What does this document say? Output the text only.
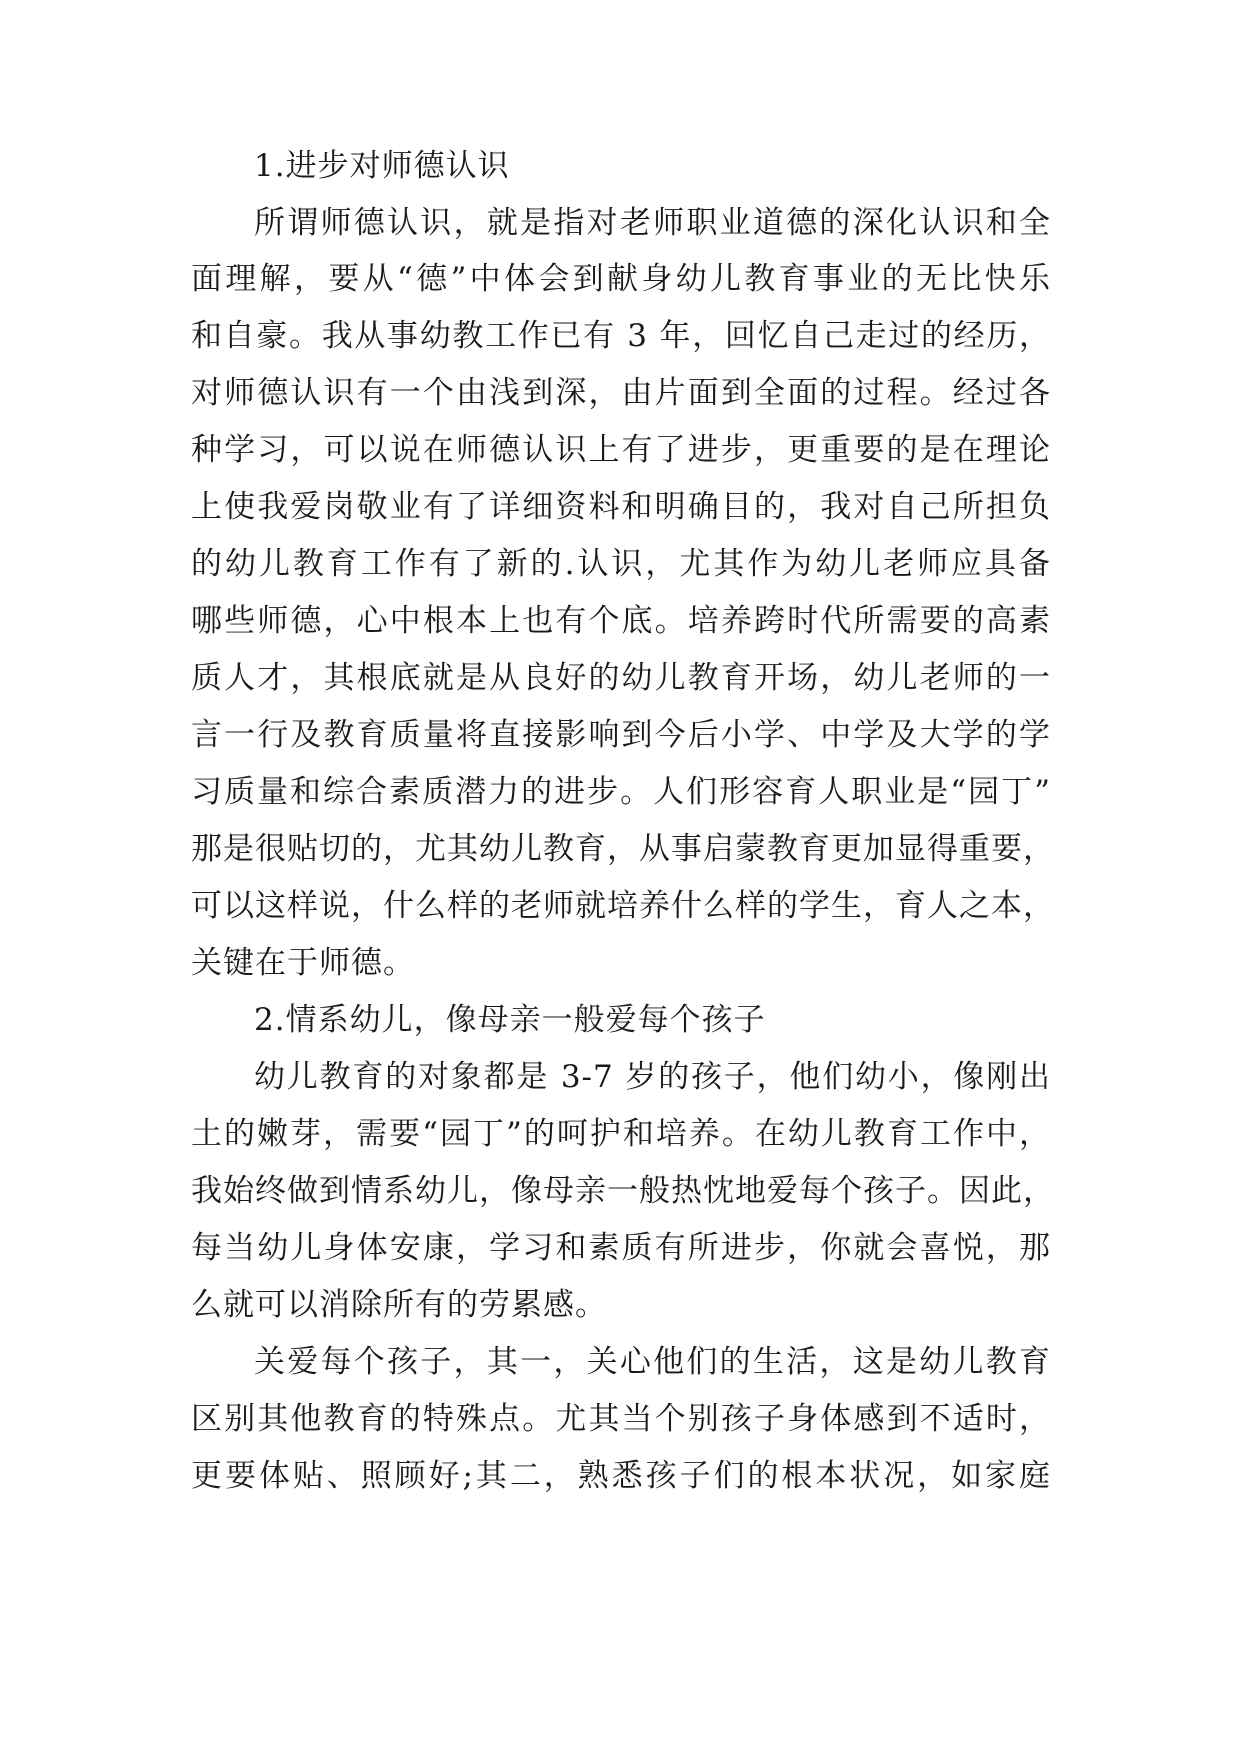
1.进步对师德认识
所谓师德认识，就是指对老师职业道德的深化认识和全
面理解，要从“德”中体会到献身幼儿教育事业的无比快乐
和自豪。我从事幼教工作已有 3 年，回忆自己走过的经历，
对师德认识有一个由浅到深，由片面到全面的过程。经过各
种学习，可以说在师德认识上有了进步，更重要的是在理论
上使我爱岗敬业有了详细资料和明确目的，我对自己所担负
的幼儿教育工作有了新的.认识，尤其作为幼儿老师应具备
哪些师德，心中根本上也有个底。培养跨时代所需要的高素
质人才，其根底就是从良好的幼儿教育开场，幼儿老师的一
言一行及教育质量将直接影响到今后小学、中学及大学的学
习质量和综合素质潜力的进步。人们形容育人职业是“园丁”
那是很贴切的，尤其幼儿教育，从事启蒙教育更加显得重要，
可以这样说，什么样的老师就培养什么样的学生，育人之本，
关键在于师德。
2.情系幼儿，像母亲一般爱每个孩子
幼儿教育的对象都是 3-7 岁的孩子，他们幼小，像刚出
土的嫩芽，需要“园丁”的呵护和培养。在幼儿教育工作中，
我始终做到情系幼儿，像母亲一般热忱地爱每个孩子。因此，
每当幼儿身体安康，学习和素质有所进步，你就会喜悦，那
么就可以消除所有的劳累感。
关爱每个孩子，其一，关心他们的生活，这是幼儿教育
区别其他教育的特殊点。尤其当个别孩子身体感到不适时，
更要体贴、照顾好;其二，熟悉孩子们的根本状况，如家庭
